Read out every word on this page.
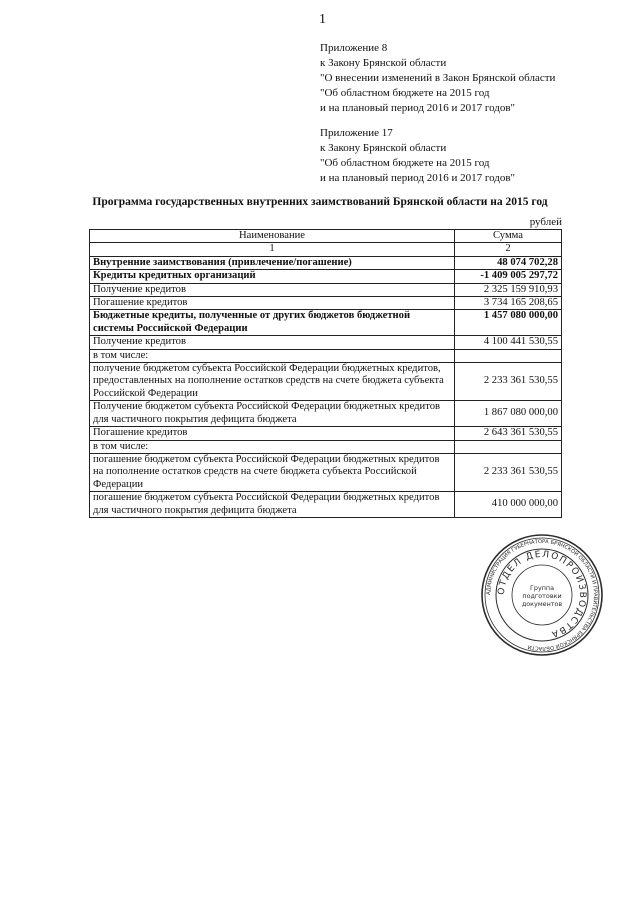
1
Приложение 8
к Закону Брянской области
"О внесении изменений в Закон Брянской области
"Об областном бюджете на 2015 год
и на плановый период 2016 и 2017 годов"
Приложение 17
к Закону Брянской области
"Об областном бюджете на 2015 год
и на плановый период 2016 и 2017 годов"
Программа государственных внутренних заимствований Брянской области на 2015 год
рублей
Наименование	Сумма
1	2
Внутренние заимствования (привлечение/погашение)	48 074 702,28
Кредиты кредитных организаций	-1 409 005 297,72
Получение кредитов	2 325 159 910,93
Погашение кредитов	3 734 165 208,65
Бюджетные кредиты, полученные от других бюджетов бюджетной системы Российской Федерации	1 457 080 000,00
Получение кредитов	4 100 441 530,55
в том числе:	
получение бюджетом субъекта Российской Федерации бюджетных кредитов, предоставленных на пополнение остатков средств на счете бюджета субъекта Российской Федерации	2 233 361 530,55
Получение бюджетом субъекта Российской Федерации бюджетных кредитов для частичного покрытия дефицита бюджета	1 867 080 000,00
Погашение кредитов	2 643 361 530,55
в том числе:	
погашение бюджетом субъекта Российской Федерации бюджетных кредитов на пополнение остатков средств на счете бюджета субъекта Российской Федерации	2 233 361 530,55
погашение бюджетом субъекта Российской Федерации бюджетных кредитов для частичного покрытия дефицита бюджета	410 000 000,00
АДМИНИСТРАЦИЯ ГУБЕРНАТОРА БРЯНСКОЙ ОБЛАСТИ И ПРАВИТЕЛЬСТВА БРЯНСКОЙ ОБЛАСТИ
ОТДЕЛ ДЕЛОПРОИЗВОДСТВА
Группа
подготовки
документов
